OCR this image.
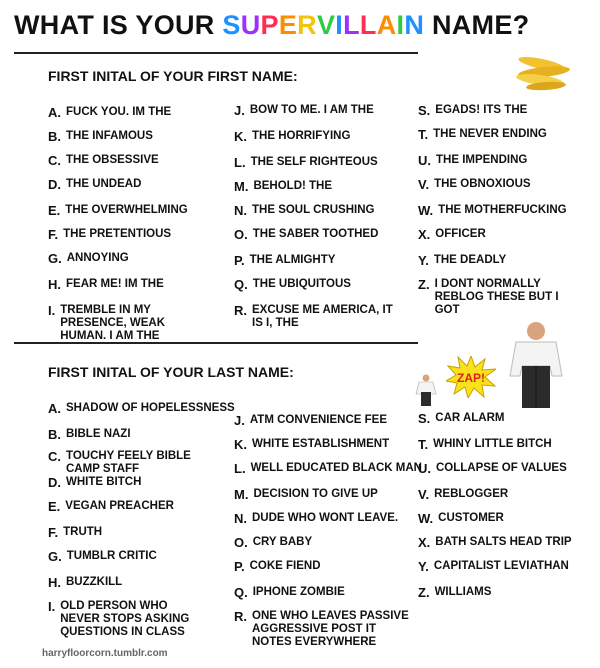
WHAT IS YOUR SUPERVILLAIN NAME?
FIRST INITAL OF YOUR FIRST NAME:
A. FUCK YOU. IM THE
B. THE INFAMOUS
C. THE OBSESSIVE
D. THE UNDEAD
E. THE OVERWHELMING
F. THE PRETENTIOUS
G. ANNOYING
H. FEAR ME! IM THE
I. TREMBLE IN MY
PRESENCE, WEAK
HUMAN. I AM THE
J. BOW TO ME. I AM THE
K. THE HORRIFYING
L. THE SELF RIGHTEOUS
M. BEHOLD! THE
N. THE SOUL CRUSHING
O. THE SABER TOOTHED
P. THE ALMIGHTY
Q. THE UBIQUITOUS
R. EXCUSE ME AMERICA, IT
IS I, THE
S. EGADS! ITS THE
T. THE NEVER ENDING
U. THE IMPENDING
V. THE OBNOXIOUS
W. THE MOTHERFUCKING
X. OFFICER
Y. THE DEADLY
Z. I DONT NORMALLY
REBLOG THESE BUT I
GOT
ZAP!
FIRST INITAL OF YOUR LAST NAME:
A. SHADOW OF HOPELESSNESS
B. BIBLE NAZI
C. TOUCHY FEELY BIBLE
CAMP STAFF
D. WHITE BITCH
E. VEGAN PREACHER
F. TRUTH
G. TUMBLR CRITIC
H. BUZZKILL
I. OLD PERSON WHO
NEVER STOPS ASKING
QUESTIONS IN CLASS
J. ATM CONVENIENCE FEE
K. WHITE ESTABLISHMENT
L. WELL EDUCATED BLACK MAN
M. DECISION TO GIVE UP
N. DUDE WHO WONT LEAVE.
O. CRY BABY
P. COKE FIEND
Q. IPHONE ZOMBIE
R. ONE WHO LEAVES PASSIVE
AGGRESSIVE POST IT
NOTES EVERYWHERE
S. CAR ALARM
T. WHINY LITTLE BITCH
U. COLLAPSE OF VALUES
V. REBLOGGER
W. CUSTOMER
X. BATH SALTS HEAD TRIP
Y. CAPITALIST LEVIATHAN
Z. WILLIAMS
harryfloorcorn.tumblr.com
